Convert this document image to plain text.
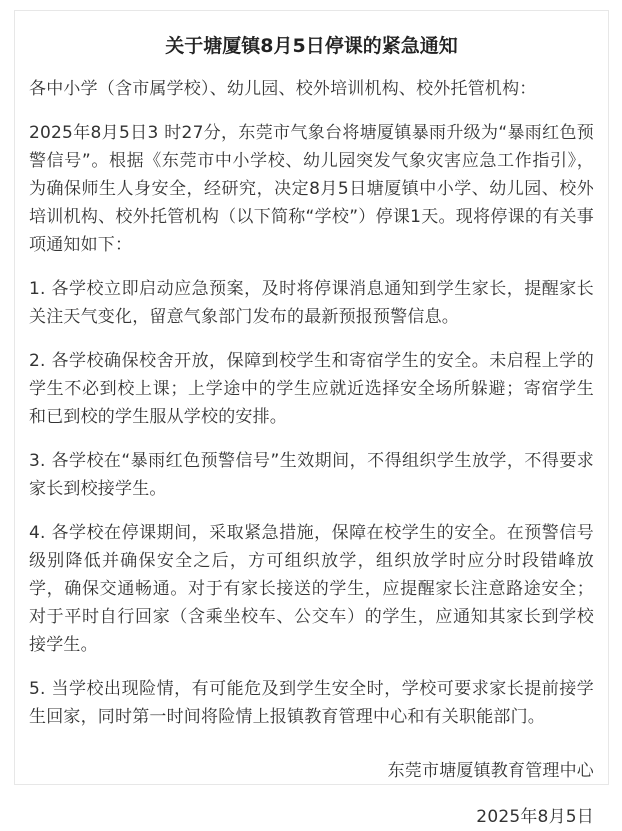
关于塘厦镇8月5日停课的紧急通知

各中小学（含市属学校）、幼儿园、校外培训机构、校外托管机构：

2025年8月5日3 时27分，东莞市气象台将塘厦镇暴雨升级为“暴雨红色预警信号”。根据《东莞市中小学校、幼儿园突发气象灾害应急工作指引》，为确保师生人身安全，经研究，决定8月5日塘厦镇中小学、幼儿园、校外培训机构、校外托管机构（以下简称“学校”）停课1天。现将停课的有关事项通知如下：

1. 各学校立即启动应急预案，及时将停课消息通知到学生家长，提醒家长关注天气变化，留意气象部门发布的最新预报预警信息。

2. 各学校确保校舍开放，保障到校学生和寄宿学生的安全。未启程上学的学生不必到校上课；上学途中的学生应就近选择安全场所躲避；寄宿学生和已到校的学生服从学校的安排。

3. 各学校在“暴雨红色预警信号”生效期间，不得组织学生放学，不得要求家长到校接学生。

4. 各学校在停课期间，采取紧急措施，保障在校学生的安全。在预警信号级别降低并确保安全之后，方可组织放学，组织放学时应分时段错峰放学，确保交通畅通。对于有家长接送的学生，应提醒家长注意路途安全；对于平时自行回家（含乘坐校车、公交车）的学生，应通知其家长到学校接学生。

5. 当学校出现险情，有可能危及到学生安全时，学校可要求家长提前接学生回家，同时第一时间将险情上报镇教育管理中心和有关职能部门。

东莞市塘厦镇教育管理中心

2025年8月5日
